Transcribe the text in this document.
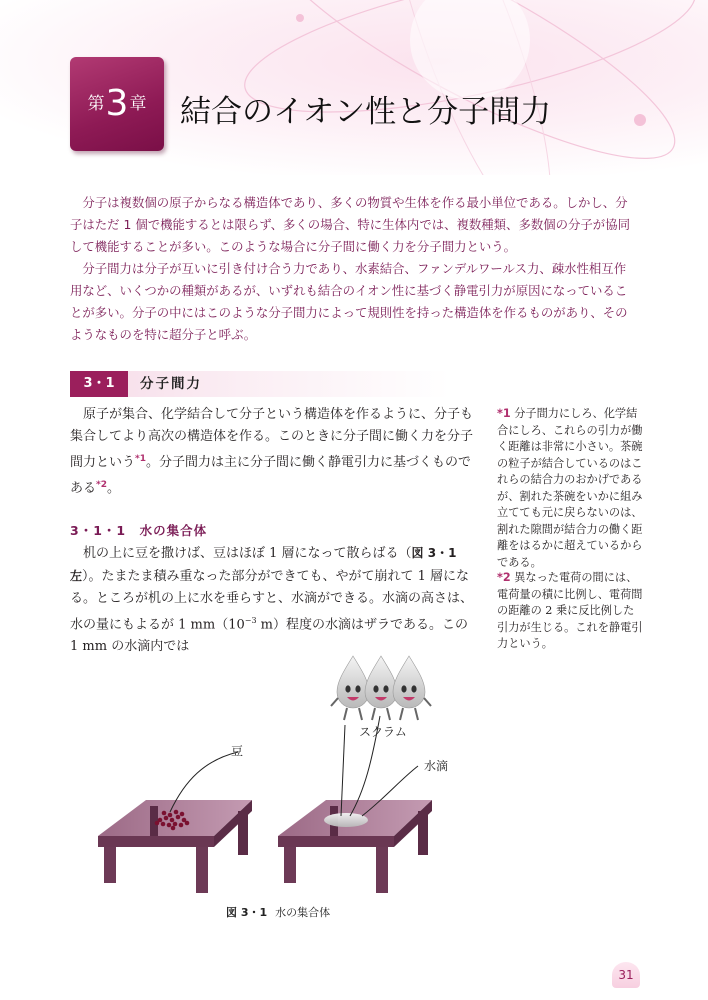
第3章	結合のイオン性と分子間力

分子は複数個の原子からなる構造体であり、多くの物質や生体を作る最小単位である。しかし、分子はただ 1 個で機能するとは限らず、多くの場合、特に生体内では、複数種類、多数個の分子が協同して機能することが多い。このような場合に分子間に働く力を分子間力という。

分子間力は分子が互いに引き付け合う力であり、水素結合、ファンデルワールス力、疎水性相互作用など、いくつかの種類があるが、いずれも結合のイオン性に基づく静電引力が原因になっていることが多い。分子の中にはこのような分子間力によって規則性を持った構造体を作るものがあり、そのようなものを特に超分子と呼ぶ。

3・1	分子間力

原子が集合、化学結合して分子という構造体を作るように、分子も集合してより高次の構造体を作る。このときに分子間に働く力を分子間力という$^{*1}$。分子間力は主に分子間に働く静電引力に基づくものである$^{*2}$。

3・1・1　水の集合体

机の上に豆を撒けば、豆はほぼ 1 層になって散らばる（図 3・1 左）。たまたま積み重なった部分ができても、やがて崩れて 1 層になる。ところが机の上に水を垂らすと、水滴ができる。水滴の高さは、水の量にもよるが 1 $mm(10^{-3}$ m）程度の水滴はザラである。この 1 mm の水滴内では

*1 分子間力にしろ、化学結合にしろ、これらの引力が働く距離は非常に小さい。茶碗の粒子が結合しているのはこれらの結合力のおかげであるが、割れた茶碗をいかに組み立てても元に戻らないのは、割れた隙間が結合力の働く距離をはるかに超えているからである。
*2 異なった電荷の間には、電荷量の積に比例し、電荷間の距離の 2 乗に反比例した引力が生じる。これを静電引力という。
豆
スクラム
水滴
図 3・1 水の集合体
31
